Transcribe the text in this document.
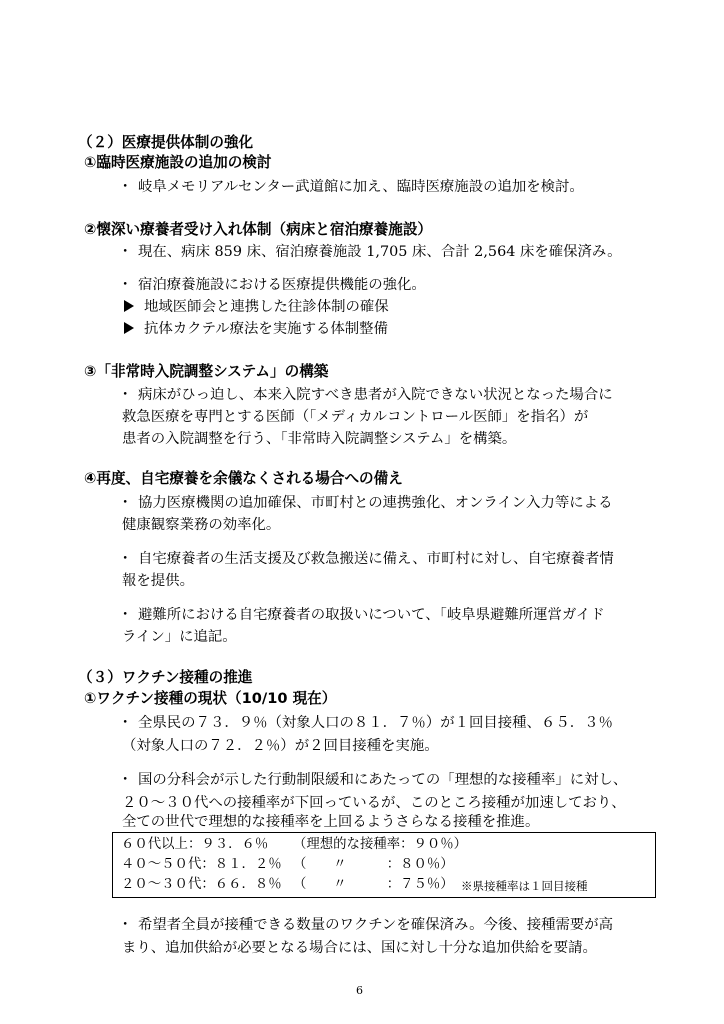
（２）医療提供体制の強化
①臨時医療施設の追加の検討
・ 岐阜メモリアルセンター武道館に加え、臨時医療施設の追加を検討。
②懐深い療養者受け入れ体制（病床と宿泊療養施設）
・ 現在、病床 859 床、宿泊療養施設 1,705 床、合計 2,564 床を確保済み。
・ 宿泊療養施設における医療提供機能の強化。
地域医師会と連携した往診体制の確保
抗体カクテル療法を実施する体制整備
③「非常時入院調整システム」の構築
・ 病床がひっ迫し、本来入院すべき患者が入院できない状況となった場合に
救急医療を専門とする医師（「メディカルコントロール医師」を指名）が
患者の入院調整を行う、「非常時入院調整システム」を構築。
④再度、自宅療養を余儀なくされる場合への備え
・ 協力医療機関の追加確保、市町村との連携強化、オンライン入力等による
健康観察業務の効率化。
・ 自宅療養者の生活支援及び救急搬送に備え、市町村に対し、自宅療養者情
報を提供。
・ 避難所における自宅療養者の取扱いについて、「岐阜県避難所運営ガイド
ライン」に追記。
（３）ワクチン接種の推進
①ワクチン接種の現状（10/10 現在）
・ 全県民の７３．９％（対象人口の８１．７％）が１回目接種、６５．３％
（対象人口の７２．２％）が２回目接種を実施。
・ 国の分科会が示した行動制限緩和にあたっての「理想的な接種率」に対し、
２０～３０代への接種率が下回っているが、このところ接種が加速しており、
全ての世代で理想的な接種率を上回るようさらなる接種を推進。
６０代以上：９３．６％ （理想的な接種率：９０％）
４０～５０代：８１．２％ （　　〃　　　：８０％）
２０～３０代：６６．８％ （　　〃　　　：７５％） ※県接種率は１回目接種
・ 希望者全員が接種できる数量のワクチンを確保済み。今後、接種需要が高
まり、追加供給が必要となる場合には、国に対し十分な追加供給を要請。
6
